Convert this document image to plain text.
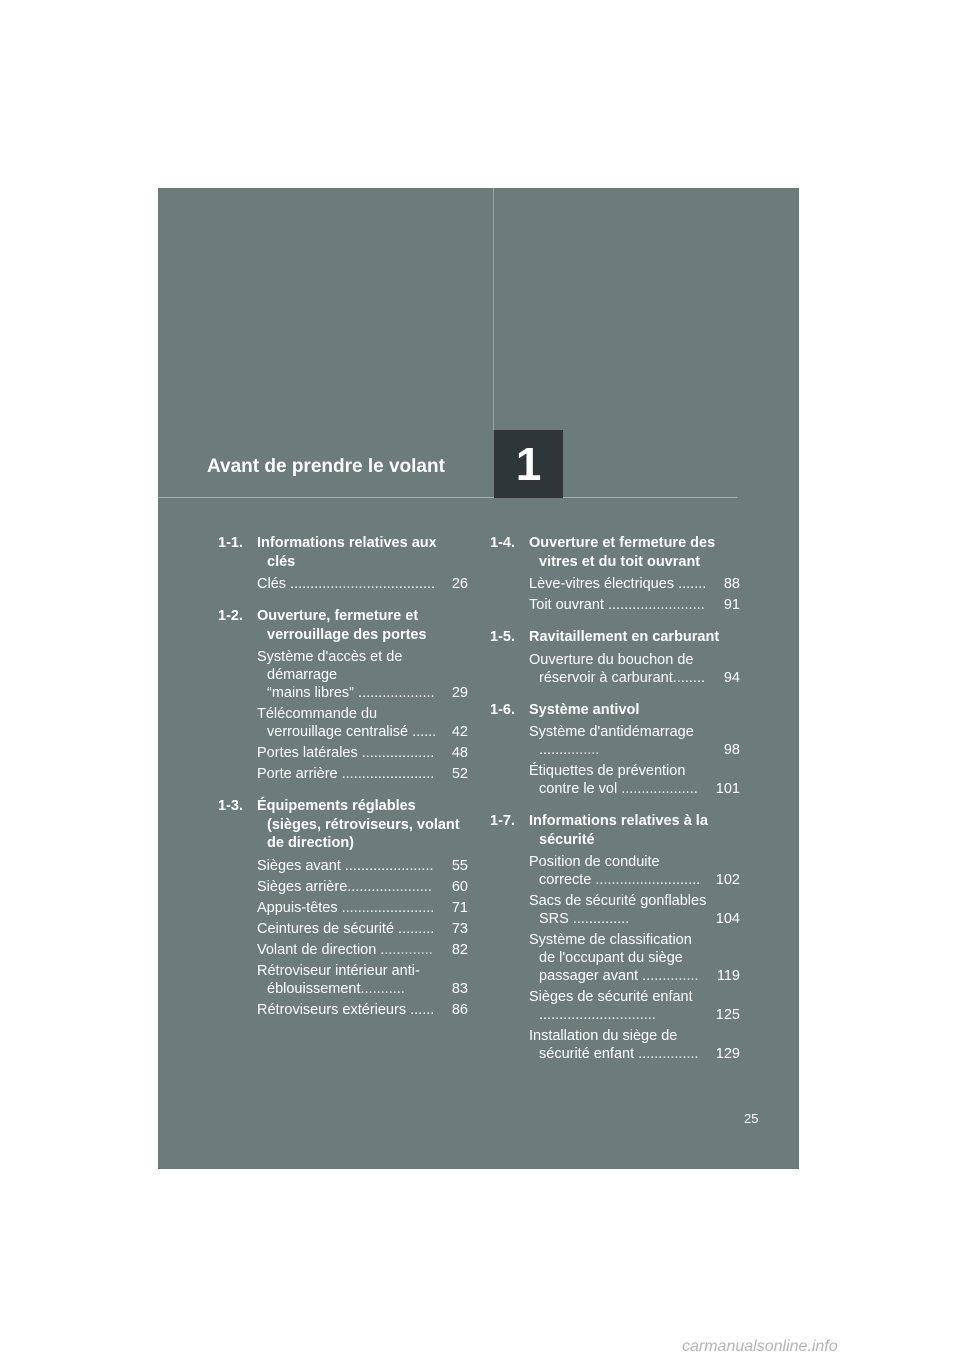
1
Avant de prendre le volant
1-1. Informations relatives aux clés
Clés ....................................	26
1-2. Ouverture, fermeture et verrouillage des portes
Système d'accès et de démarrage
“mains libres” ...................	29
Télécommande du verrouillage centralisé ......	42
Portes latérales ..................	48
Porte arrière .......................	52
1-3. Équipements réglables (sièges, rétroviseurs, volant de direction)
Sièges avant ......................	55
Sièges arrière.....................	60
Appuis-têtes .......................	71
Ceintures de sécurité .........	73
Volant de direction .............	82
Rétroviseur intérieur anti-éblouissement...........	83
Rétroviseurs extérieurs ......	86
1-4. Ouverture et fermeture des vitres et du toit ouvrant
Lève-vitres électriques .......	88
Toit ouvrant ........................	91
1-5. Ravitaillement en carburant
Ouverture du bouchon de réservoir à carburant........	94
1-6. Système antivol
Système d'antidémarrage ...............	98
Étiquettes de prévention contre le vol ...................	101
1-7. Informations relatives à la sécurité
Position de conduite correcte ..........................	102
Sacs de sécurité gonflables SRS ..............	104
Système de classification de l'occupant du siège passager avant ..............	119
Sièges de sécurité enfant .............................	125
Installation du siège de sécurité enfant ...............	129
25
carmanualsonline.info
